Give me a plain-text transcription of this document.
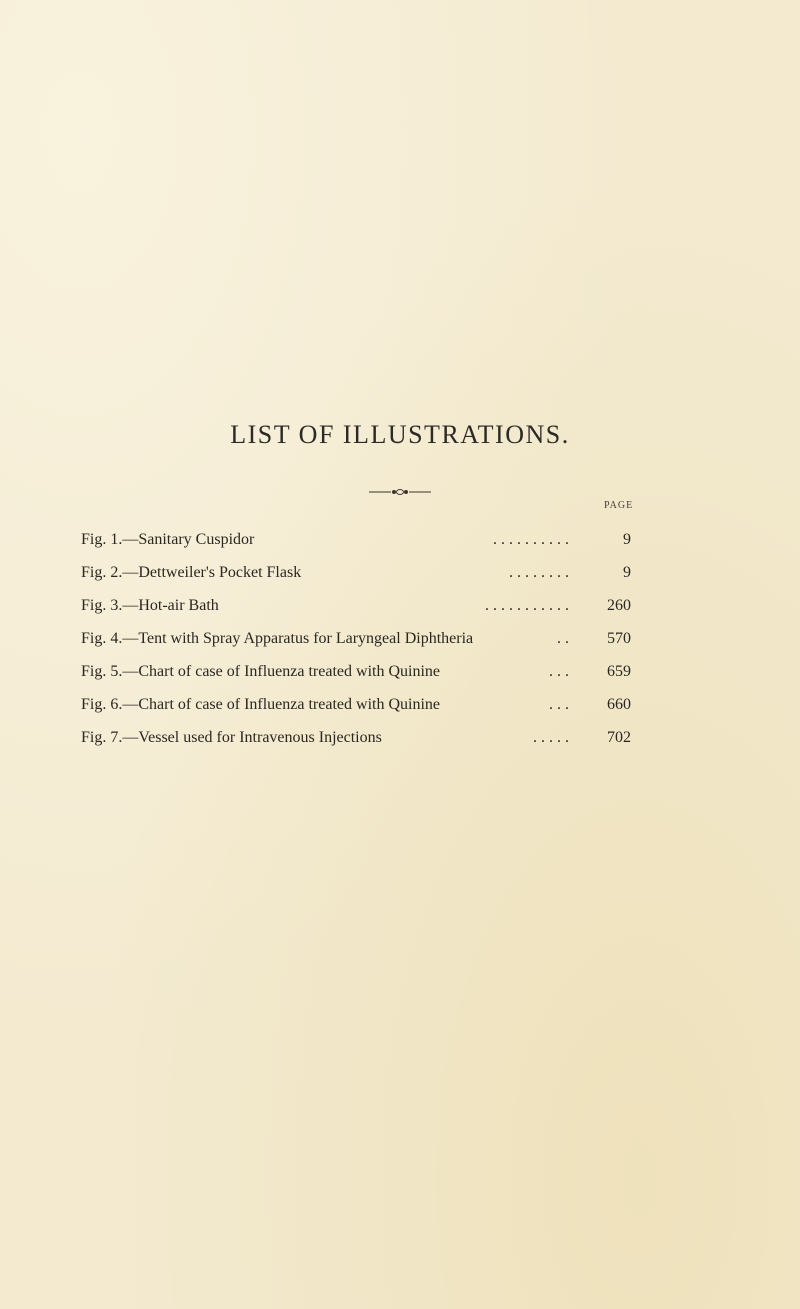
LIST OF ILLUSTRATIONS.
PAGE
Fig. 1.—Sanitary Cuspidor	. . . . . . . . . .	9
Fig. 2.—Dettweiler's Pocket Flask	. . . . . . . .	9
Fig. 3.—Hot-air Bath	. . . . . . . . . . .	260
Fig. 4.—Tent with Spray Apparatus for Laryngeal Diphtheria	. .	570
Fig. 5.—Chart of case of Influenza treated with Quinine	. . .	659
Fig. 6.—Chart of case of Influenza treated with Quinine	. . .	660
Fig. 7.—Vessel used for Intravenous Injections	. . . . .	702
